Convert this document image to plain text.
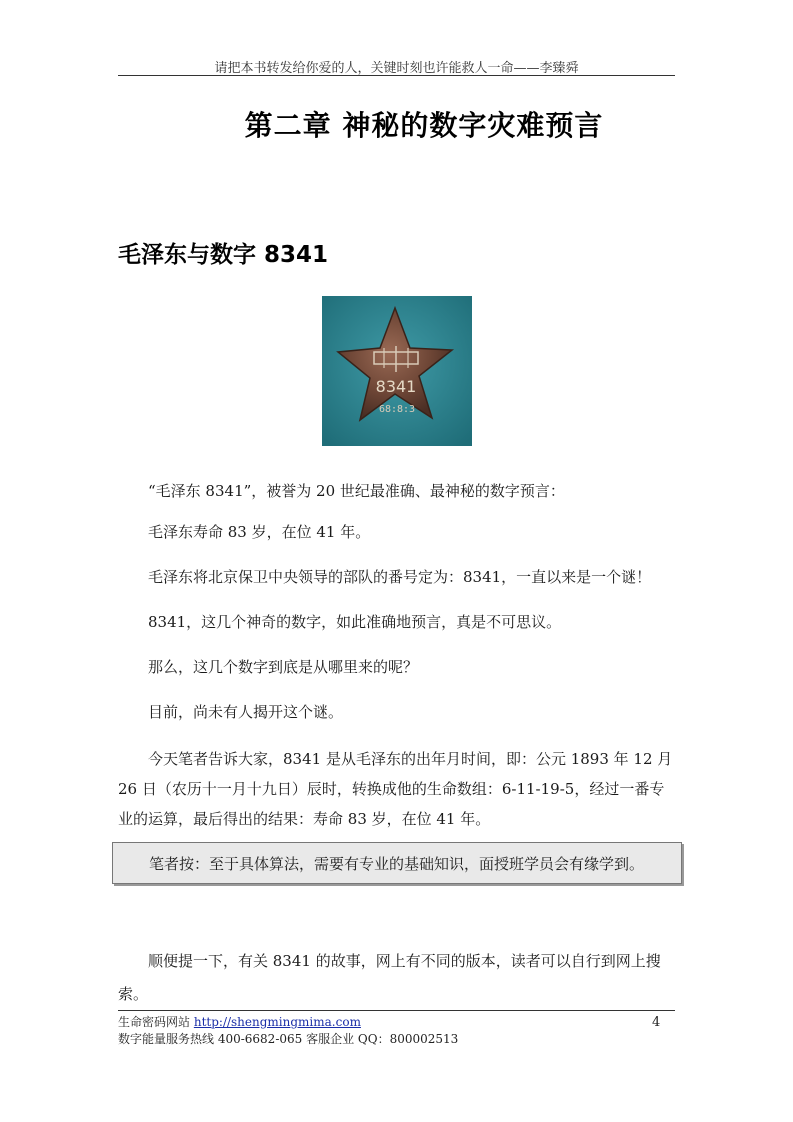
请把本书转发给你爱的人，关键时刻也许能救人一命——李臻舜
第二章 神秘的数字灾难预言
毛泽东与数字 8341
8341
68:8:3

“毛泽东 8341”，被誉为 20 世纪最准确、最神秘的数字预言：

毛泽东寿命 83 岁，在位 41 年。

毛泽东将北京保卫中央领导的部队的番号定为：8341，一直以来是一个谜！

8341，这几个神奇的数字，如此准确地预言，真是不可思议。

那么，这几个数字到底是从哪里来的呢？

目前，尚未有人揭开这个谜。

今天笔者告诉大家，8341 是从毛泽东的出年月时间，即：公元 1893 年 12 月 26 日（农历十一月十九日）辰时，转换成他的生命数组：6-11-19-5，经过一番专业的运算，最后得出的结果：寿命 83 岁，在位 41 年。

笔者按：至于具体算法，需要有专业的基础知识，面授班学员会有缘学到。

顺便提一下，有关 8341 的故事，网上有不同的版本，读者可以自行到网上搜索。

生命密码网站 http://shengmingmima.com
数字能量服务热线 400-6682-065 客服企业 QQ：800002513
4
